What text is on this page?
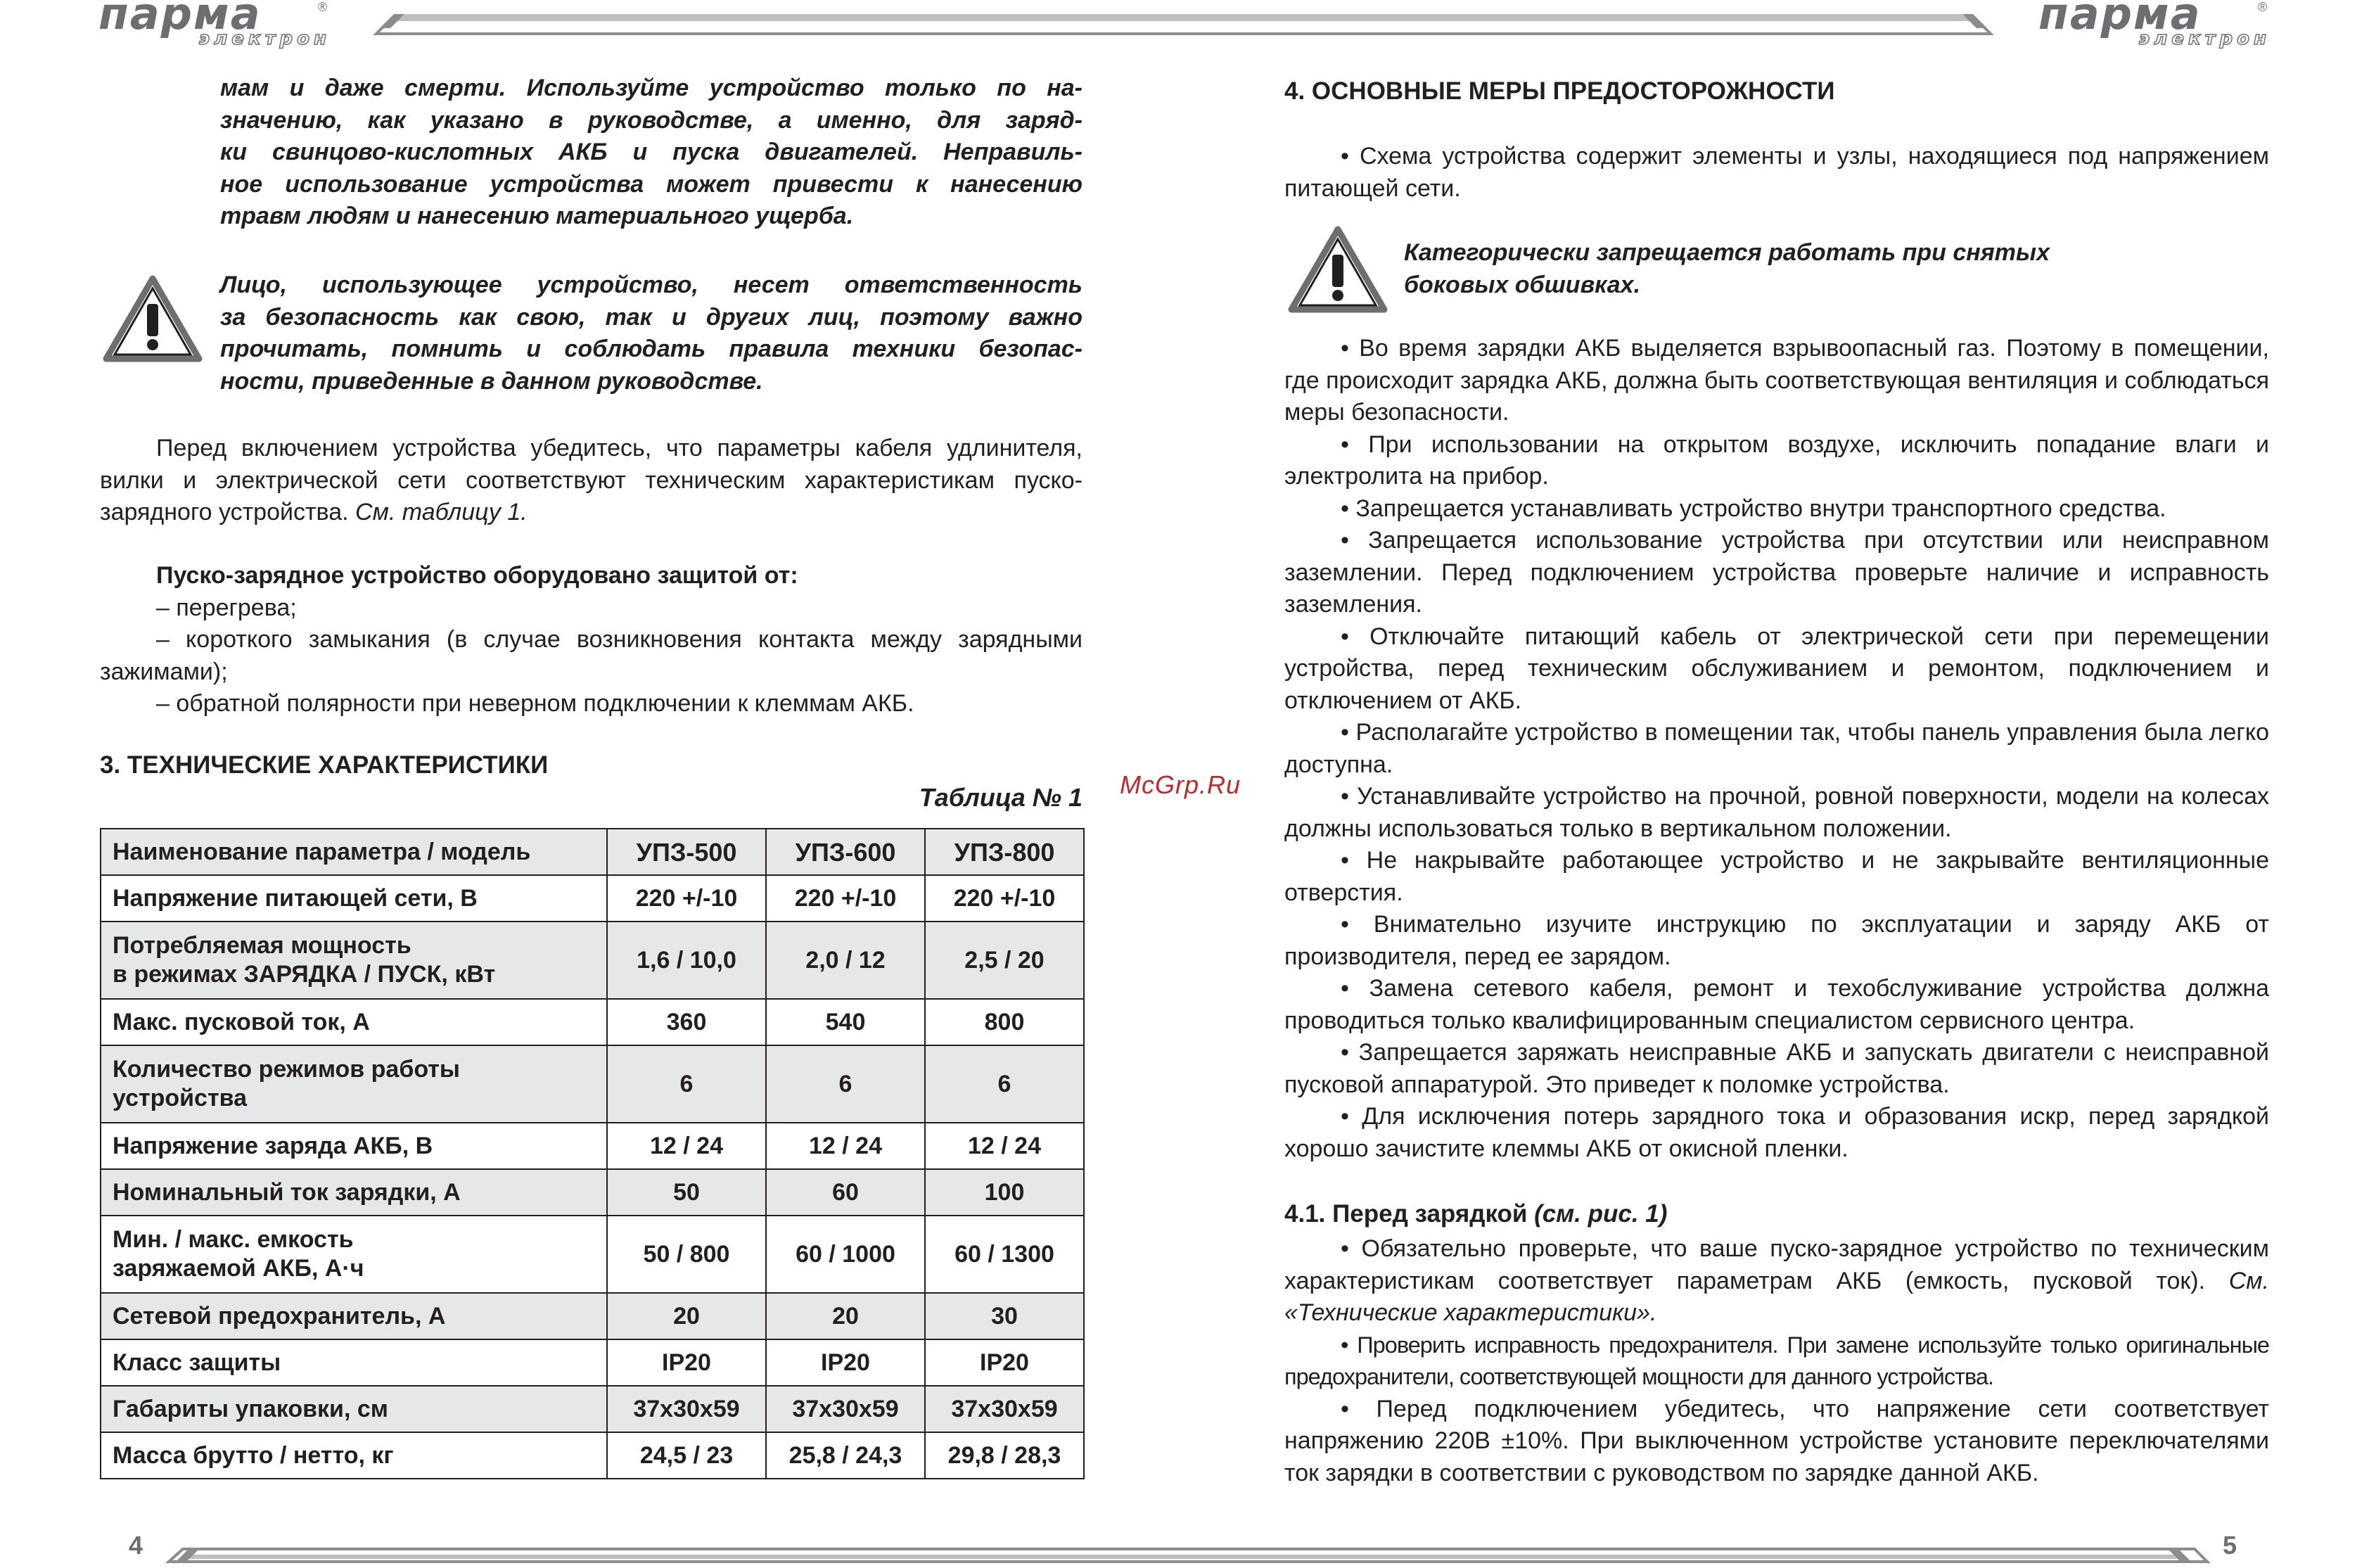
парма
электрон
®	парма
электрон
®

мам и даже смерти. Используйте устройство только по на-

значению, как указано в руководстве, а именно, для заряд-

ки свинцово-кислотных АКБ и пуска двигателей. Неправиль-

ное использование устройства может привести к нанесению

травм людям и нанесению материального ущерба.

Лицо, использующее устройство, несет ответственность

за безопасность как свою, так и других лиц, поэтому важно

прочитать, помнить и соблюдать правила техники безопас-

ности, приведенные в данном руководстве.

Перед включением устройства убедитесь, что параметры кабеля удлинителя, вилки и электрической сети соответствуют техническим характеристикам пуско-зарядного устройства. См. таблицу 1.

Пуско-зарядное устройство оборудовано защитой от:

– перегрева;

– короткого замыкания (в случае возникновения контакта между зарядными зажимами);

– обратной полярности при неверном подключении к клеммам АКБ.

3. ТЕХНИЧЕСКИЕ ХАРАКТЕРИСТИКИ

Таблица № 1

Наименование параметра / модель	УПЗ-500	УПЗ-600	УПЗ-800
Напряжение питающей сети, В	220 +/-10	220 +/-10	220 +/-10
Потребляемая мощность
в режимах ЗАРЯДКА / ПУСК, кВт	1,6 / 10,0	2,0 / 12	2,5 / 20
Макс. пусковой ток, А	360	540	800
Количество режимов работы
устройства	6	6	6
Напряжение заряда АКБ, В	12 / 24	12 / 24	12 / 24
Номинальный ток зарядки, А	50	60	100
Мин. / макс. емкость
заряжаемой АКБ, А·ч	50 / 800	60 / 1000	60 / 1300
Сетевой предохранитель, А	20	20	30
Класс защиты	IP20	IP20	IP20
Габариты упаковки, см	37x30x59	37x30x59	37x30x59
Масса брутто / нетто, кг	24,5 / 23	25,8 / 24,3	29,8 / 28,3
4
McGrp.Ru

4. ОСНОВНЫЕ МЕРЫ ПРЕДОСТОРОЖНОСТИ

• Схема устройства содержит элементы и узлы, находящиеся под напряжением питающей сети.

Категорически запрещается работать при снятых

боковых обшивках.

• Во время зарядки АКБ выделяется взрывоопасный газ. Поэтому в помещении, где происходит зарядка АКБ, должна быть соответствующая вентиляция и соблюдаться меры безопасности.

• При использовании на открытом воздухе, исключить попадание влаги и электролита на прибор.

• Запрещается устанавливать устройство внутри транспортного средства.

• Запрещается использование устройства при отсутствии или неисправном заземлении. Перед подключением устройства проверьте наличие и исправность заземления.

• Отключайте питающий кабель от электрической сети при перемещении устройства, перед техническим обслуживанием и ремонтом, подключением и отключением от АКБ.

• Располагайте устройство в помещении так, чтобы панель управления была легко доступна.

• Устанавливайте устройство на прочной, ровной поверхности, модели на колесах должны использоваться только в вертикальном положении.

• Не накрывайте работающее устройство и не закрывайте вентиляционные отверстия.

• Внимательно изучите инструкцию по эксплуатации и заряду АКБ от производителя, перед ее зарядом.

• Замена сетевого кабеля, ремонт и техобслуживание устройства должна проводиться только квалифицированным специалистом сервисного центра.

• Запрещается заряжать неисправные АКБ и запускать двигатели с неисправной пусковой аппаратурой. Это приведет к поломке устройства.

• Для исключения потерь зарядного тока и образования искр, перед зарядкой хорошо зачистите клеммы АКБ от окисной пленки.

4.1. Перед зарядкой (см. рис. 1)

• Обязательно проверьте, что ваше пуско-зарядное устройство по техническим характеристикам соответствует параметрам АКБ (емкость, пусковой ток). См. «Технические характеристики».

• Проверить исправность предохранителя. При замене используйте только оригинальные предохранители, соответствующей мощности для данного устройства.

• Перед подключением убедитесь, что напряжение сети соответствует напряжению 220В ±10%. При выключенном устройстве установите переключателями ток зарядки в соответствии с руководством по зарядке данной АКБ.

5
